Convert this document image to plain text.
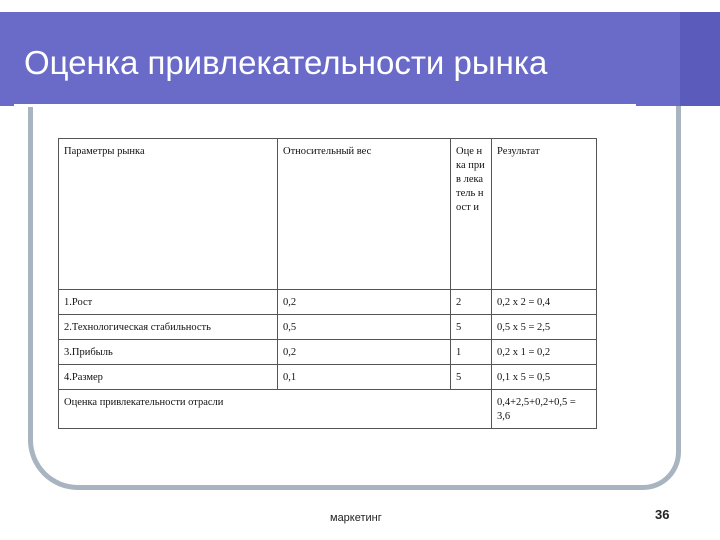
Оценка привлекательности рынка
Параметры рынка	Относительный вес	Оце нка прив лека тель ност и	Результат
1.Рост	0,2	2	0,2 х 2 = 0,4
2.Технологическая стабильность	0,5	5	0,5 х 5 = 2,5
3.Прибыль	0,2	1	0,2 х 1 = 0,2
4.Размер	0,1	5	0,1 х 5 = 0,5
Оценка привлекательности отрасли			0,4+2,5+0,2+0,5 = 3,6
маркетинг	36
